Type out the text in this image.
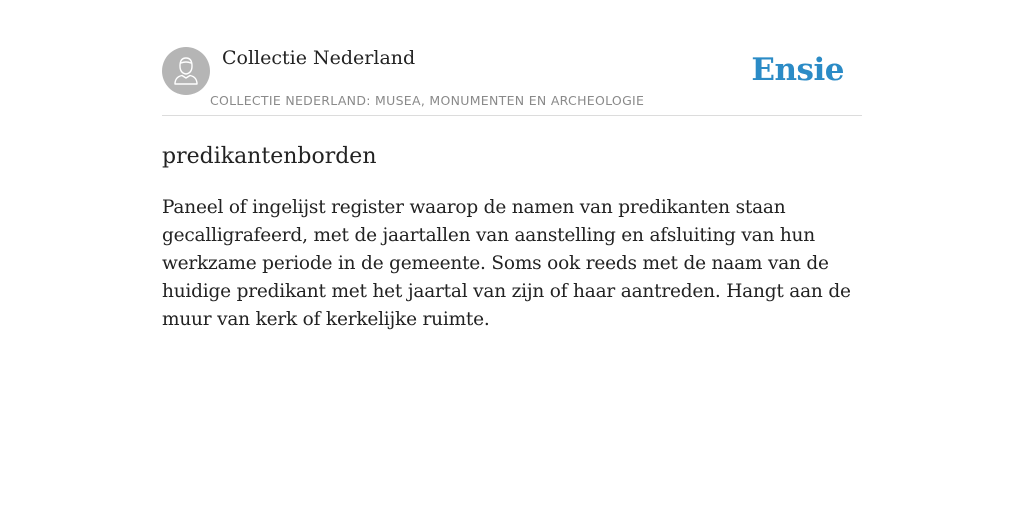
Collectie Nederland
COLLECTIE NEDERLAND: MUSEA, MONUMENTEN EN ARCHEOLOGIE
Ensie
predikantenborden

Paneel of ingelijst register waarop de namen van predikanten staan gecalligrafeerd, met de jaartallen van aanstelling en afsluiting van hun werkzame periode in de gemeente. Soms ook reeds met de naam van de huidige predikant met het jaartal van zijn of haar aantreden. Hangt aan de muur van kerk of kerkelijke ruimte.
